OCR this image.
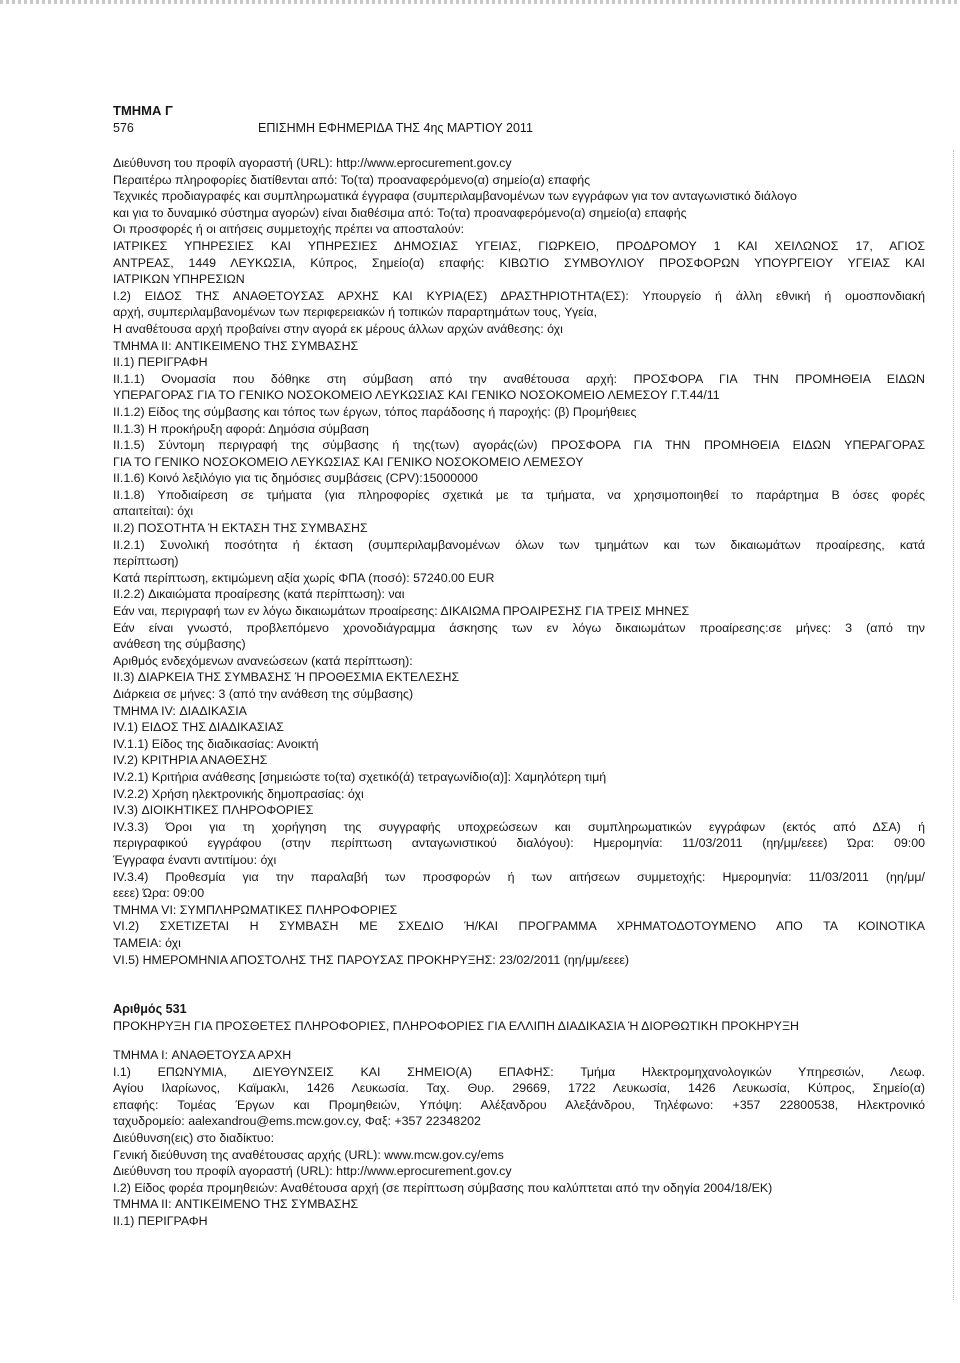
ΤΜΗΜΑ Γ
576	ΕΠΙΣΗΜΗ ΕΦΗΜΕΡΙΔΑ ΤΗΣ 4ης ΜΑΡΤΙΟΥ 2011
Διεύθυνση του προφίλ αγοραστή (URL): http://www.eprocurement.gov.cy
Περαιτέρω πληροφορίες διατίθενται από: Το(τα) προαναφερόμενο(α) σημείο(α) επαφής
Τεχνικές προδιαγραφές και συμπληρωματικά έγγραφα (συμπεριλαμβανομένων των εγγράφων για τον ανταγωνιστικό διάλογο
και για το δυναμικό σύστημα αγορών) είναι διαθέσιμα από: Το(τα) προαναφερόμενο(α) σημείο(α) επαφής
Οι προσφορές ή οι αιτήσεις συμμετοχής πρέπει να αποσταλούν:
ΙΑΤΡΙΚΕΣ ΥΠΗΡΕΣΙΕΣ ΚΑΙ ΥΠΗΡΕΣΙΕΣ ΔΗΜΟΣΙΑΣ ΥΓΕΙΑΣ, ΓΙΩΡΚΕΙΟ, ΠΡΟΔΡΟΜΟΥ 1 ΚΑΙ ΧΕΙΛΩΝΟΣ 17, ΑΓΙΟΣ
ΑΝΤΡΕΑΣ, 1449 ΛΕΥΚΩΣΙΑ, Κύπρος, Σημείο(α) επαφής: ΚΙΒΩΤΙΟ ΣΥΜΒΟΥΛΙΟΥ ΠΡΟΣΦΟΡΩΝ ΥΠΟΥΡΓΕΙΟΥ ΥΓΕΙΑΣ ΚΑΙ
ΙΑΤΡΙΚΩΝ ΥΠΗΡΕΣΙΩΝ
I.2) ΕΙΔΟΣ ΤΗΣ ΑΝΑΘΕΤΟΥΣΑΣ ΑΡΧΗΣ ΚΑΙ ΚΥΡΙΑ(ΕΣ) ΔΡΑΣΤΗΡΙΟΤΗΤΑ(ΕΣ): Υπουργείο ή άλλη εθνική ή ομοσπονδιακή
αρχή, συμπεριλαμβανομένων των περιφερειακών ή τοπικών παραρτημάτων τους, Υγεία,
Η αναθέτουσα αρχή προβαίνει στην αγορά εκ μέρους άλλων αρχών ανάθεσης: όχι
ΤΜΗΜΑ II: ΑΝΤΙΚΕΙΜΕΝΟ ΤΗΣ ΣΥΜΒΑΣΗΣ
II.1) ΠΕΡΙΓΡΑΦΗ
II.1.1) Ονομασία που δόθηκε στη σύμβαση από την αναθέτουσα αρχή: ΠΡΟΣΦΟΡΑ ΓΙΑ ΤΗΝ ΠΡΟΜΗΘΕΙΑ ΕΙΔΩΝ
ΥΠΕΡΑΓΟΡΑΣ ΓΙΑ ΤΟ ΓΕΝΙΚΟ ΝΟΣΟΚΟΜΕΙΟ ΛΕΥΚΩΣΙΑΣ ΚΑΙ ΓΕΝΙΚΟ ΝΟΣΟΚΟΜΕΙΟ ΛΕΜΕΣΟΥ Γ.Τ.44/11
II.1.2) Είδος της σύμβασης και τόπος των έργων, τόπος παράδοσης ή παροχής: (β) Προμήθειες
II.1.3) Η προκήρυξη αφορά: Δημόσια σύμβαση
II.1.5) Σύντομη περιγραφή της σύμβασης ή της(των) αγοράς(ών) ΠΡΟΣΦΟΡΑ ΓΙΑ ΤΗΝ ΠΡΟΜΗΘΕΙΑ ΕΙΔΩΝ ΥΠΕΡΑΓΟΡΑΣ
ΓΙΑ ΤΟ ΓΕΝΙΚΟ ΝΟΣΟΚΟΜΕΙΟ ΛΕΥΚΩΣΙΑΣ ΚΑΙ ΓΕΝΙΚΟ ΝΟΣΟΚΟΜΕΙΟ ΛΕΜΕΣΟΥ
II.1.6) Κοινό λεξιλόγιο για τις δημόσιες συμβάσεις (CPV):15000000
II.1.8) Υποδιαίρεση σε τμήματα (για πληροφορίες σχετικά με τα τμήματα, να χρησιμοποιηθεί το παράρτημα Β όσες φορές
απαιτείται): όχι
II.2) ΠΟΣΟΤΗΤΑ Ή ΕΚΤΑΣΗ ΤΗΣ ΣΥΜΒΑΣΗΣ
II.2.1) Συνολική ποσότητα ή έκταση (συμπεριλαμβανομένων όλων των τμημάτων και των δικαιωμάτων προαίρεσης, κατά
περίπτωση)
Κατά περίπτωση, εκτιμώμενη αξία χωρίς ΦΠΑ (ποσό): 57240.00 EUR
II.2.2) Δικαιώματα προαίρεσης (κατά περίπτωση): ναι
Εάν ναι, περιγραφή των εν λόγω δικαιωμάτων προαίρεσης: ΔΙΚΑΙΩΜΑ ΠΡΟΑΙΡΕΣΗΣ ΓΙΑ ΤΡΕΙΣ ΜΗΝΕΣ
Εάν είναι γνωστό, προβλεπόμενο χρονοδιάγραμμα άσκησης των εν λόγω δικαιωμάτων προαίρεσης:σε μήνες: 3 (από την
ανάθεση της σύμβασης)
Αριθμός ενδεχόμενων ανανεώσεων (κατά περίπτωση):
II.3) ΔΙΑΡΚΕΙΑ ΤΗΣ ΣΥΜΒΑΣΗΣ Ή ΠΡΟΘΕΣΜΙΑ ΕΚΤΕΛΕΣΗΣ
Διάρκεια σε μήνες: 3 (από την ανάθεση της σύμβασης)
ΤΜΗΜΑ IV: ΔΙΑΔΙΚΑΣΙΑ
IV.1) ΕΙΔΟΣ ΤΗΣ ΔΙΑΔΙΚΑΣΙΑΣ
IV.1.1) Είδος της διαδικασίας: Ανοικτή
IV.2) ΚΡΙΤΗΡΙΑ ΑΝΑΘΕΣΗΣ
IV.2.1) Κριτήρια ανάθεσης [σημειώστε το(τα) σχετικό(ά) τετραγωνίδιο(α)]: Χαμηλότερη τιμή
IV.2.2) Χρήση ηλεκτρονικής δημοπρασίας: όχι
IV.3) ΔΙΟΙΚΗΤΙΚΕΣ ΠΛΗΡΟΦΟΡΙΕΣ
IV.3.3) Όροι για τη χορήγηση της συγγραφής υποχρεώσεων και συμπληρωματικών εγγράφων (εκτός από ΔΣΑ) ή
περιγραφικού εγγράφου (στην περίπτωση ανταγωνιστικού διαλόγου): Ημερομηνία: 11/03/2011 (ηη/μμ/εεεε) Ώρα: 09:00
Έγγραφα έναντι αντιτίμου: όχι
IV.3.4) Προθεσμία για την παραλαβή των προσφορών ή των αιτήσεων συμμετοχής: Ημερομηνία: 11/03/2011 (ηη/μμ/
εεεε) Ώρα: 09:00
ΤΜΗΜΑ VI: ΣΥΜΠΛΗΡΩΜΑΤΙΚΕΣ ΠΛΗΡΟΦΟΡΙΕΣ
VI.2) ΣΧΕΤΙΖΕΤΑΙ Η ΣΥΜΒΑΣΗ ΜΕ ΣΧΕΔΙΟ Ή/ΚΑΙ ΠΡΟΓΡΑΜΜΑ ΧΡΗΜΑΤΟΔΟΤΟΥΜΕΝΟ ΑΠΟ ΤΑ ΚΟΙΝΟΤΙΚΑ
ΤΑΜΕΙΑ: όχι
VI.5) ΗΜΕΡΟΜΗΝΙΑ ΑΠΟΣΤΟΛΗΣ ΤΗΣ ΠΑΡΟΥΣΑΣ ΠΡΟΚΗΡΥΞΗΣ: 23/02/2011 (ηη/μμ/εεεε)
Αριθμός 531
ΠΡΟΚΗΡΥΞΗ ΓΙΑ ΠΡΟΣΘΕΤΕΣ ΠΛΗΡΟΦΟΡΙΕΣ, ΠΛΗΡΟΦΟΡΙΕΣ ΓΙΑ ΕΛΛΙΠΗ ΔΙΑΔΙΚΑΣΙΑ Ή ΔΙΟΡΘΩΤΙΚΗ ΠΡΟΚΗΡΥΞΗ
ΤΜΗΜΑ I: ΑΝΑΘΕΤΟΥΣΑ ΑΡΧΗ
I.1) ΕΠΩΝΥΜΙΑ, ΔΙΕΥΘΥΝΣΕΙΣ ΚΑΙ ΣΗΜΕΙΟ(Α) ΕΠΑΦΗΣ: Τμήμα Ηλεκτρομηχανολογικών Υπηρεσιών, Λεωφ.
Αγίου Ιλαρίωνος, Καϊμακλι, 1426 Λευκωσία. Ταχ. Θυρ. 29669, 1722 Λευκωσία, 1426 Λευκωσία, Κύπρος, Σημείο(α)
επαφής: Τομέας Έργων και Προμηθειών, Υπόψη: Αλέξανδρου Αλεξάνδρου, Τηλέφωνο: +357 22800538, Ηλεκτρονικό
ταχυδρομείο: aalexandrou@ems.mcw.gov.cy, Φαξ: +357 22348202
Διεύθυνση(εις) στο διαδίκτυο:
Γενική διεύθυνση της αναθέτουσας αρχής (URL): www.mcw.gov.cy/ems
Διεύθυνση του προφίλ αγοραστή (URL): http://www.eprocurement.gov.cy
I.2) Είδος φορέα προμηθειών: Αναθέτουσα αρχή (σε περίπτωση σύμβασης που καλύπτεται από την οδηγία 2004/18/ΕΚ)
ΤΜΗΜΑ II: ΑΝΤΙΚΕΙΜΕΝΟ ΤΗΣ ΣΥΜΒΑΣΗΣ
II.1) ΠΕΡΙΓΡΑΦΗ
